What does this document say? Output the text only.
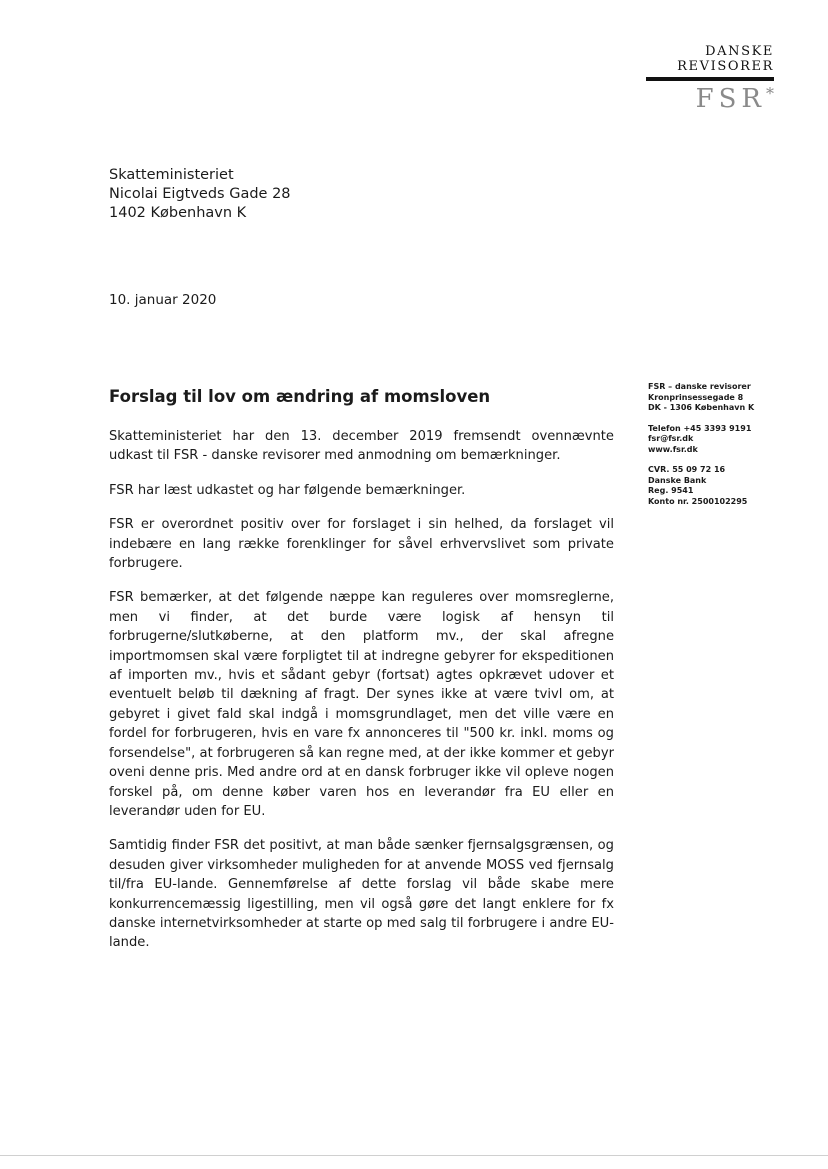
DANSKE
REVISORER
FSR*
Skatteministeriet
Nicolai Eigtveds Gade 28
1402 København K
10. januar 2020
FSR – danske revisorer
Kronprinsessegade 8
DK - 1306 København K
Telefon +45 3393 9191
fsr@fsr.dk
www.fsr.dk
CVR. 55 09 72 16
Danske Bank
Reg. 9541
Konto nr. 2500102295
Forslag til lov om ændring af momsloven

Skatteministeriet har den 13. december 2019 fremsendt ovennævnte udkast til FSR - danske revisorer med anmodning om bemærkninger.

FSR har læst udkastet og har følgende bemærkninger.

FSR er overordnet positiv over for forslaget i sin helhed, da forslaget vil indebære en lang række forenklinger for såvel erhvervslivet som private forbrugere.

FSR bemærker, at det følgende næppe kan reguleres over momsreglerne, men vi finder, at det burde være logisk af hensyn til forbrugerne/slutkøberne, at den platform mv., der skal afregne importmomsen skal være forpligtet til at indregne gebyrer for ekspeditionen af importen mv., hvis et sådant gebyr (fortsat) agtes opkrævet udover et eventuelt beløb til dækning af fragt. Der synes ikke at være tvivl om, at gebyret i givet fald skal indgå i momsgrundlaget, men det ville være en fordel for forbrugeren, hvis en vare fx annonceres til "500 kr. inkl. moms og forsendelse", at forbrugeren så kan regne med, at der ikke kommer et gebyr oveni denne pris. Med andre ord at en dansk forbruger ikke vil opleve nogen forskel på, om denne køber varen hos en leverandør fra EU eller en leverandør uden for EU.

Samtidig finder FSR det positivt, at man både sænker fjernsalgsgrænsen, og desuden giver virksomheder muligheden for at anvende MOSS ved fjernsalg til/fra EU-lande. Gennemførelse af dette forslag vil både skabe mere konkurrencemæssig ligestilling, men vil også gøre det langt enklere for fx danske internetvirksomheder at starte op med salg til forbrugere i andre EU-lande.
